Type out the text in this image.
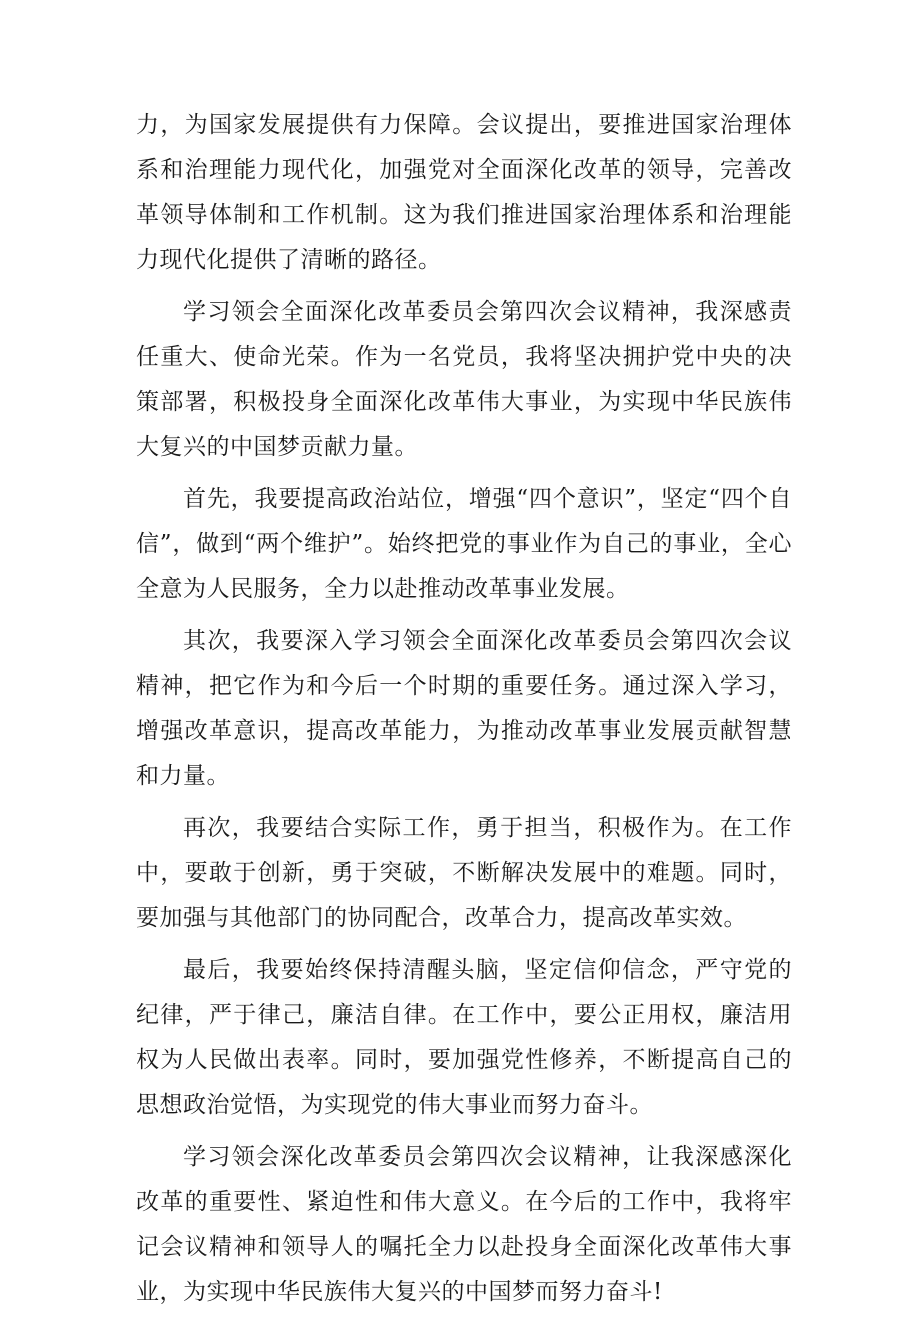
力，为国家发展提供有力保障。会议提出，要推进国家治理体系和治理能力现代化，加强党对全面深化改革的领导，完善改革领导体制和工作机制。这为我们推进国家治理体系和治理能力现代化提供了清晰的路径。

学习领会全面深化改革委员会第四次会议精神，我深感责任重大、使命光荣。作为一名党员，我将坚决拥护党中央的决策部署，积极投身全面深化改革伟大事业，为实现中华民族伟大复兴的中国梦贡献力量。

首先，我要提高政治站位，增强“四个意识”，坚定“四个自信”，做到“两个维护”。始终把党的事业作为自己的事业，全心全意为人民服务，全力以赴推动改革事业发展。

其次，我要深入学习领会全面深化改革委员会第四次会议精神，把它作为和今后一个时期的重要任务。通过深入学习，增强改革意识，提高改革能力，为推动改革事业发展贡献智慧和力量。

再次，我要结合实际工作，勇于担当，积极作为。在工作中，要敢于创新，勇于突破，不断解决发展中的难题。同时，要加强与其他部门的协同配合，改革合力，提高改革实效。

最后，我要始终保持清醒头脑，坚定信仰信念，严守党的纪律，严于律己，廉洁自律。在工作中，要公正用权，廉洁用权为人民做出表率。同时，要加强党性修养，不断提高自己的思想政治觉悟，为实现党的伟大事业而努力奋斗。

学习领会深化改革委员会第四次会议精神，让我深感深化改革的重要性、紧迫性和伟大意义。在今后的工作中，我将牢记会议精神和领导人的嘱托全力以赴投身全面深化改革伟大事业，为实现中华民族伟大复兴的中国梦而努力奋斗!
